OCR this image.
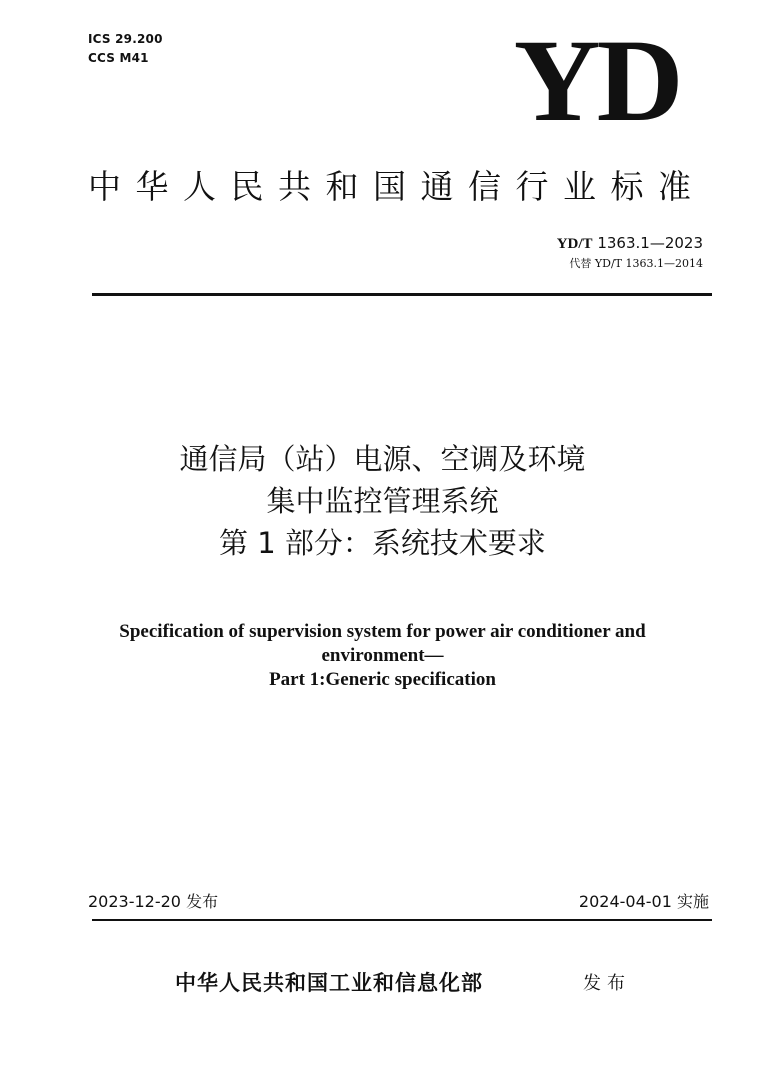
ICS 29.200
CCS M41	YD
中华人民共和国通信行业标准
YD/T 1363.1—2023
代替 YD/T 1363.1—2014
通信局（站）电源、空调及环境
集中监控管理系统
第 1 部分：系统技术要求
Specification of supervision system for power air conditioner and
environment—
Part 1:Generic specification
2023-12-20 发布	2024-04-01 实施
中华人民共和国工业和信息化部	发布
